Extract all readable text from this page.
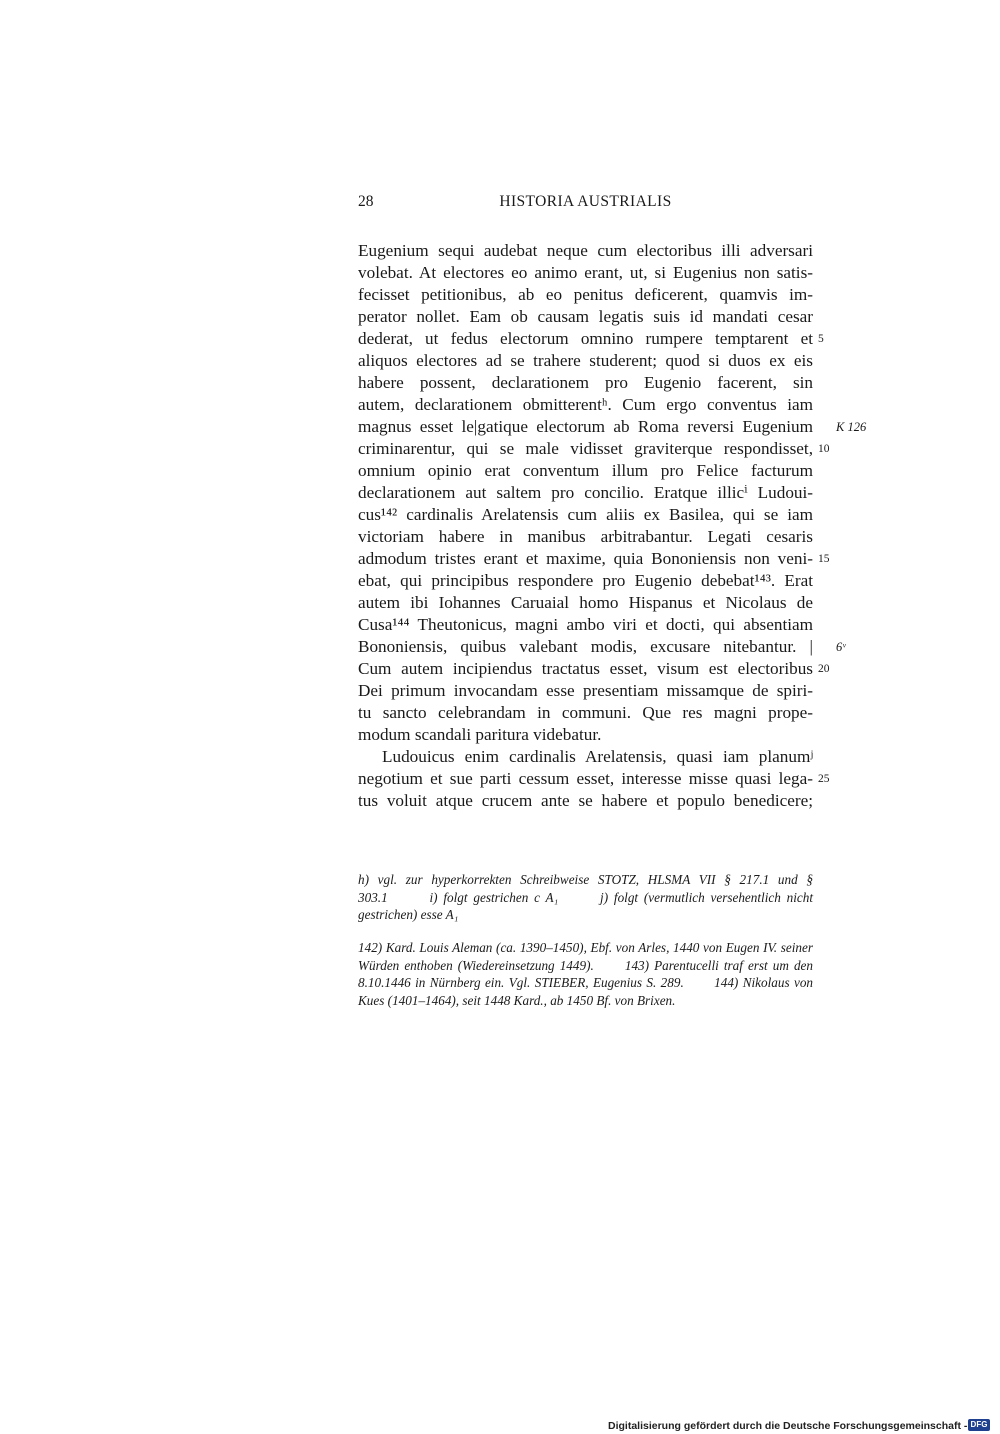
28	HISTORIA AUSTRIALIS
Eugenium sequi audebat neque cum electoribus illi adversari
volebat. At electores eo animo erant, ut, si Eugenius non satis-
fecisset petitionibus, ab eo penitus deficerent, quamvis im-
perator nollet. Eam ob causam legatis suis id mandati cesar
dederat, ut fedus electorum omnino rumpere temptarent et
aliquos electores ad se trahere studerent; quod si duos ex eis
habere possent, declarationem pro Eugenio facerent, sin
autem, declarationem obmitterentʰ. Cum ergo conventus iam
magnus esset le|gatique electorum ab Roma reversi Eugenium
criminarentur, qui se male vidisset graviterque respondisset,
omnium opinio erat conventum illum pro Felice facturum
declarationem aut saltem pro concilio. Eratque illicⁱ Ludoui-
cus¹⁴² cardinalis Arelatensis cum aliis ex Basilea, qui se iam
victoriam habere in manibus arbitrabantur. Legati cesaris
admodum tristes erant et maxime, quia Bononiensis non veni-
ebat, qui principibus respondere pro Eugenio debebat¹⁴³. Erat
autem ibi Iohannes Caruaial homo Hispanus et Nicolaus de
Cusa¹⁴⁴ Theutonicus, magni ambo viri et docti, qui absentiam
Bononiensis, quibus valebant modis, excusare nitebantur. |
Cum autem incipiendus tractatus esset, visum est electoribus
Dei primum invocandam esse presentiam missamque de spiri-
tu sancto celebrandam in communi. Que res magni prope-
modum scandali paritura videbatur.
Ludouicus enim cardinalis Arelatensis, quasi iam planumʲ
negotium et sue parti cessum esset, interesse misse quasi lega-
tus voluit atque crucem ante se habere et populo benedicere;
5
10
15
20
25
K 126
6ᵛ
h) vgl. zur hyperkorrekten Schreibweise STOTZ, HLSMA VII § 217.1 und § 303.1	i) folgt gestrichen c A₁	j) folgt (vermutlich versehentlich nicht gestrichen) esse A₁
142) Kard. Louis Aleman (ca. 1390–1450), Ebf. von Arles, 1440 von Eugen IV. seiner Würden enthoben (Wiedereinsetzung 1449). 143) Parentucelli traf erst um den 8.10.1446 in Nürnberg ein. Vgl. STIEBER, Eugenius S. 289. 144) Nikolaus von Kues (1401–1464), seit 1448 Kard., ab 1450 Bf. von Brixen.
Digitalisierung gefördert durch die Deutsche Forschungsgemeinschaft - DFG
